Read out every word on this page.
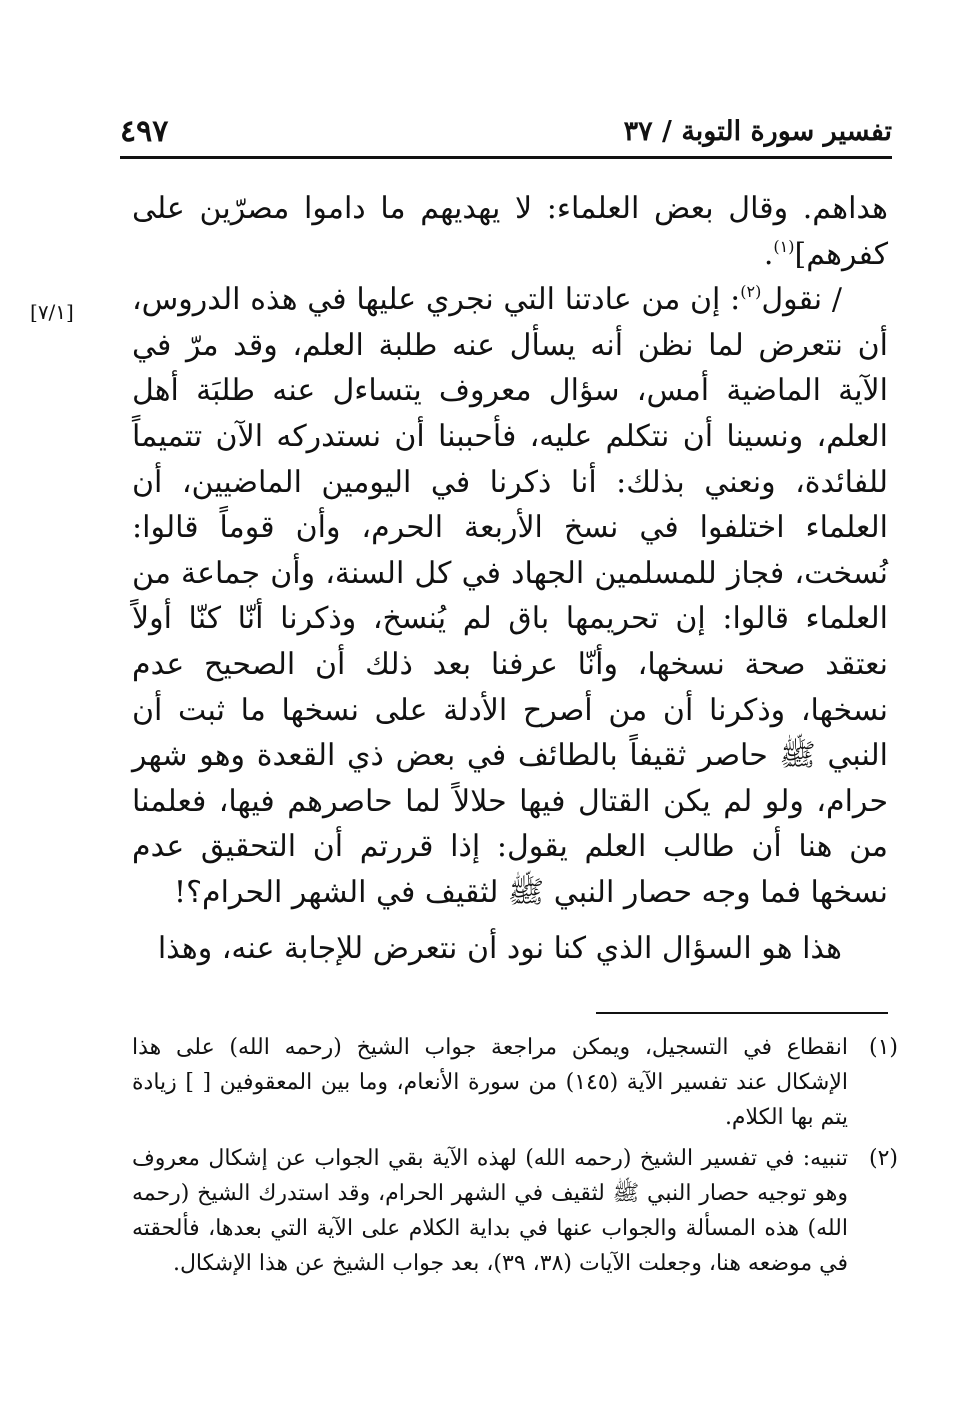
تفسير سورة التوبة / ٣٧
٤٩٧
[٧/١]

هداهم. وقال بعض العلماء: لا يهديهم ما داموا مصرّين على كفرهم]$^{(١)}$.

/ نقول$^{(٢)}$: إن من عادتنا التي نجري عليها في هذه الدروس، أن نتعرض لما نظن أنه يسأل عنه طلبة العلم، وقد مرّ في الآية الماضية أمس، سؤال معروف يتساءل عنه طلبَة أهل العلم، ونسينا أن نتكلم عليه، فأحببنا أن نستدركه الآن تتميماً للفائدة، ونعني بذلك: أنا ذكرنا في اليومين الماضيين، أن العلماء اختلفوا في نسخ الأربعة الحرم، وأن قوماً قالوا: نُسخت، فجاز للمسلمين الجهاد في كل السنة، وأن جماعة من العلماء قالوا: إن تحريمها باق لم يُنسخ، وذكرنا أنّا كنّا أولاً نعتقد صحة نسخها، وأنّا عرفنا بعد ذلك أن الصحيح عدم نسخها، وذكرنا أن من أصرح الأدلة على نسخها ما ثبت أن النبي ﷺ حاصر ثقيفاً بالطائف في بعض ذي القعدة وهو شهر حرام، ولو لم يكن القتال فيها حلالاً لما حاصرهم فيها، فعلمنا من هنا أن طالب العلم يقول: إذا قررتم أن التحقيق عدم نسخها فما وجه حصار النبي ﷺ لثقيف في الشهر الحرام؟!

هذا هو السؤال الذي كنا نود أن نتعرض للإجابة عنه، وهذا

(١)
انقطاع في التسجيل، ويمكن مراجعة جواب الشيخ (رحمه الله) على هذا الإشكال عند تفسير الآية (١٤٥) من سورة الأنعام، وما بين المعقوفين [ ] زيادة يتم بها الكلام.
(٢)
تنبيه: في تفسير الشيخ (رحمه الله) لهذه الآية بقي الجواب عن إشكال معروف وهو توجيه حصار النبي ﷺ لثقيف في الشهر الحرام، وقد استدرك الشيخ (رحمه الله) هذه المسألة والجواب عنها في بداية الكلام على الآية التي بعدها، فألحقته في موضعه هنا، وجعلت الآيات (٣٨، ٣٩)، بعد جواب الشيخ عن هذا الإشكال.
